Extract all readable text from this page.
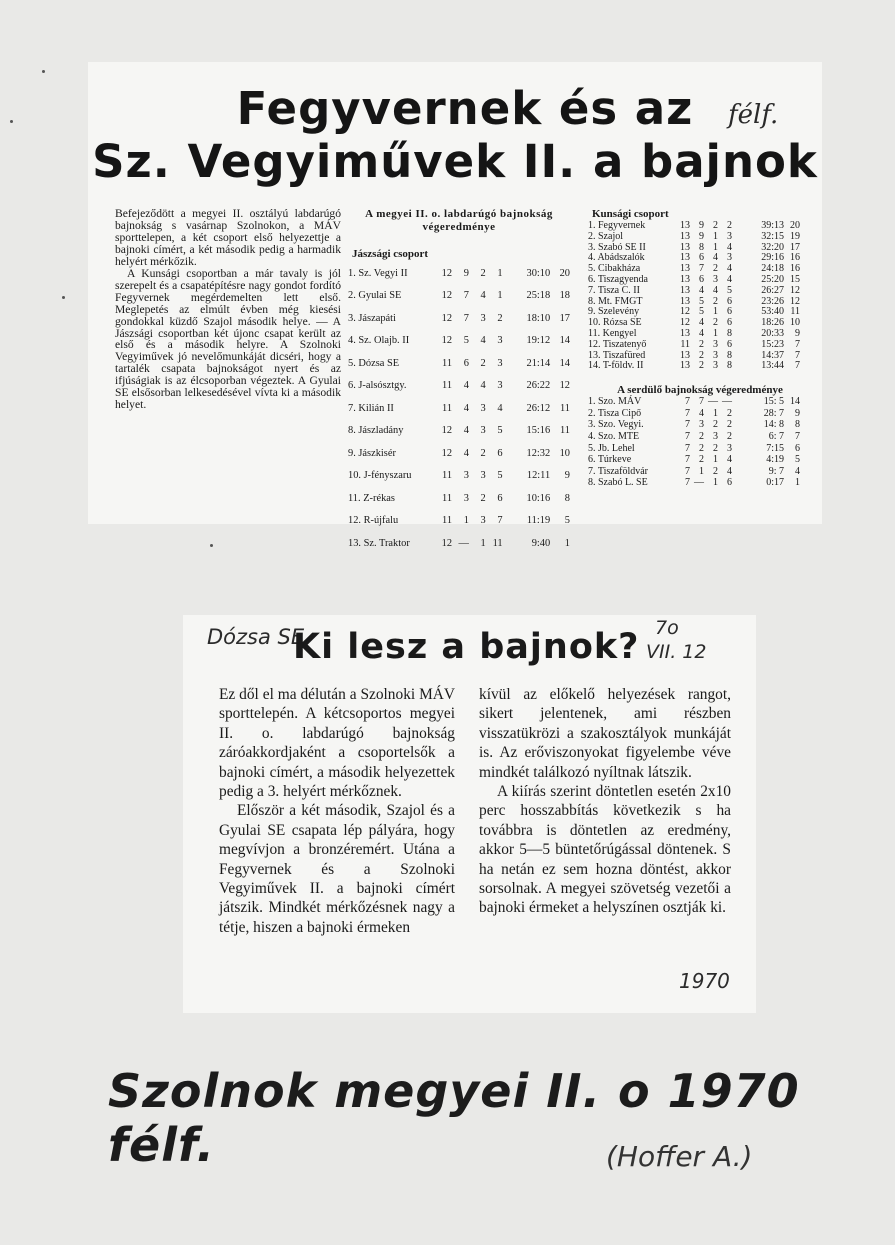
Fegyvernek és az
Sz. Vegyiművek II. a bajnok
félf.

Befejeződött a megyei II. osztályú labdarúgó bajnokság s vasárnap Szolnokon, a MÁV sporttelepen, a két csoport első helyezettje a bajnoki címért, a két második pedig a harmadik helyért mérkőzik.

A Kunsági csoportban a már tavaly is jól szerepelt és a csapatépítésre nagy gondot fordító Fegyvernek megérdemelten lett első. Meglepetés az elmúlt évben még kiesési gondokkal küzdő Szajol második helye. — A Jászsági csoportban két újonc csapat került az első és a második helyre. A Szolnoki Vegyiművek jó nevelőmunkáját dicséri, hogy a tartalék csapata bajnokságot nyert és az ifjúságiak is az élcsoporban végeztek. A Gyulai SE elsősorban lelkesedésével vívta ki a második helyet.

A megyei II. o. labdarúgó bajnokság végeredménye
Jászsági csoport
1. Sz. Vegyi II	12	9	2	1	30:10 20
2. Gyulai SE	12	7	4	1	25:18 18
3. Jászapáti	12	7	3	2	18:10 17
4. Sz. Olajb. II	12	5	4	3	19:12 14
5. Dózsa SE	11	6	2	3	21:14 14
6. J-alsósztgy.	11	4	4	3	26:22 12
7. Kilián II	11	4	3	4	26:12 11
8. Jászladány	12	4	3	5	15:16 11
9. Jászkisér	12	4	2	6	12:32 10
10. J-fényszaru	11	3	3	5	12:11	9
11. Z-rékas	11	3	2	6	10:16	8
12. R-újfalu	11	1	3	7	11:19	5
13. Sz. Traktor	12 —	1 11	9:40	1
Kunsági csoport
1. Fegyvernek	13 9 2 2	39:13 20
2. Szajol	13 9 1 3	32:15 19
3. Szabó SE II	13 8 1 4	32:20 17
4. Abádszalók	13 6 4 3	29:16 16
5. Cibakháza	13 7 2 4	24:18 16
6. Tiszagyenda	13 6 3 4	25:20 15
7. Tisza C. II	13 4 4 5	26:27 12
8. Mt. FMGT	13 5 2 6	23:26 12
9. Szelevény	12 5 1 6	53:40 11
10. Rózsa SE	12 4 2 6	18:26 10
11. Kengyel	13 4 1 8	20:33	9
12. Tiszatenyő	11 2 3 6	15:23	7
13. Tiszafüred	13 2 3 8	14:37	7
14. T-földv. II	13 2 3 8	13:44	7
A serdülő bajnokság végeredménye
1. Szo. MÁV	7 7 — —	15: 5 14
2. Tisza Cipő	7 4 1 2	28: 7	9
3. Szo. Vegyi.	7 3 2 2	14: 8	8
4. Szo. MTE	7 2 3 2	6: 7	7
5. Jb. Lehel	7 2 2 3	7:15	6
6. Túrkeve	7 2 1 4	4:19	5
7. Tiszaföldvár	7 1 2 4	9: 7	4
8. Szabó L. SE	7 — 1 6	0:17	1
Dózsa SE
Ki lesz a bajnok? 7o
VII. 12

Ez dől el ma délután a Szolnoki MÁV sporttelepén. A kétcsoportos megyei II. o. labdarúgó bajnokság záróakkordjaként a csoportelsők a bajnoki címért, a második helyezettek pedig a 3. helyért mérkőznek.

Először a két második, Szajol és a Gyulai SE csapata lép pályára, hogy megvívjon a bronzéremért. Utána a Fegyvernek és a Szolnoki Vegyiművek II. a bajnoki címért játszik. Mindkét mérkőzésnek nagy a tétje, hiszen a bajnoki érmeken

kívül az előkelő helyezések rangot, sikert jelentenek, ami részben visszatükrözi a szakosztályok munkáját is. Az erőviszonyokat figyelembe véve mindkét találkozó nyíltnak látszik.

A kiírás szerint döntetlen esetén 2x10 perc hosszabbítás következik s ha továbbra is döntetlen az eredmény, akkor 5—5 büntetőrúgással döntenek. S ha netán ez sem hozna döntést, akkor sorsolnak. A megyei szövetség vezetői a bajnoki érmeket a helyszínen osztják ki.

1970
Szolnok megyei II. o 1970 félf.	(Hoffer A.)
